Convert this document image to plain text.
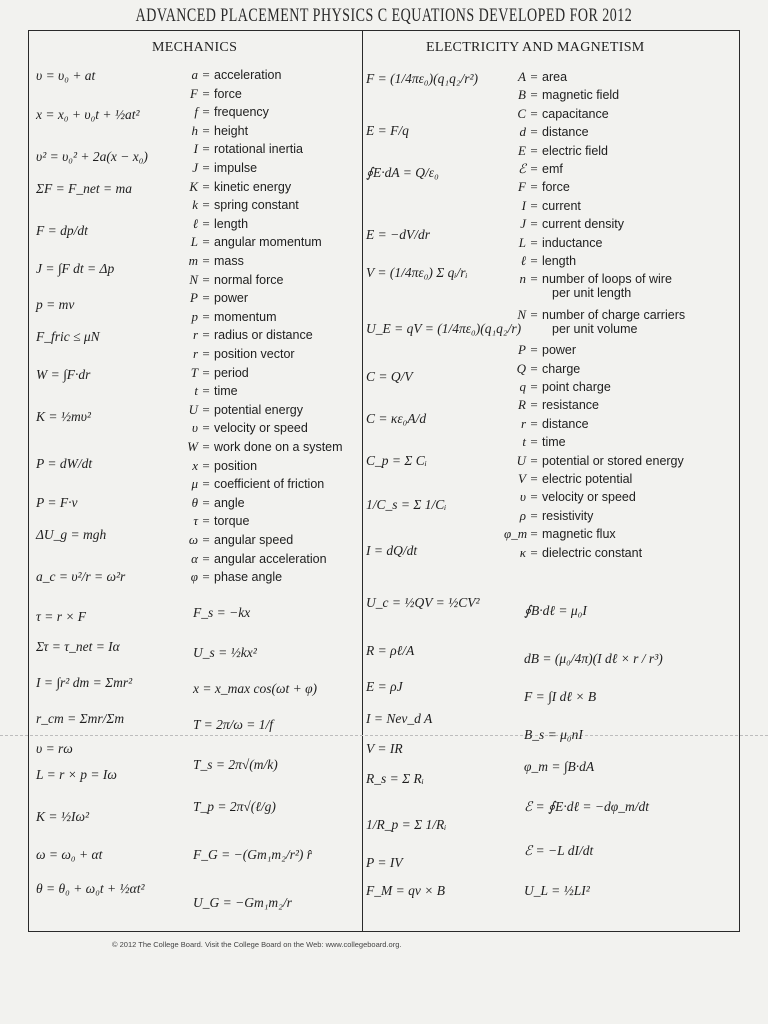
ADVANCED PLACEMENT PHYSICS C EQUATIONS DEVELOPED FOR 2012
MECHANICS	ELECTRICITY AND MAGNETISM
υ = υ₀ + at
x = x₀ + υ₀t + ½at²
υ² = υ₀² + 2a(x − x₀)
ΣF = F_net = ma
F = dp/dt
J = ∫F dt = Δp
p = mv
F_fric ≤ μN
W = ∫F·dr
K = ½mυ²
P = dW/dt
P = F·v
ΔU_g = mgh
a_c = υ²/r = ω²r
τ = r × F
Στ = τ_net = Iα
I = ∫r² dm = Σmr²
r_cm = Σmr/Σm
υ = rω
L = r × p = Iω
K = ½Iω²
ω = ω₀ + αt
θ = θ₀ + ω₀t + ½αt²
a = acceleration
F = force
f = frequency
h = height
I = rotational inertia
J = impulse
K = kinetic energy
k = spring constant
ℓ = length
L = angular momentum
m = mass
N = normal force
P = power
p = momentum
r = radius or distance
r = position vector
T = period
t = time
U = potential energy
υ = velocity or speed
W = work done on a system
x = position
μ = coefficient of friction
θ = angle
τ = torque
ω = angular speed
α = angular acceleration
φ = phase angle
F_s = −kx
U_s = ½kx²
x = x_max cos(ωt + φ)
T = 2π/ω = 1/f
T_s = 2π√(m/k)
T_p = 2π√(ℓ/g)
F_G = −(Gm₁m₂/r²) r̂
U_G = −Gm₁m₂/r
F = (1/4πε₀)(q₁q₂/r²)
E = F/q
∮E·dA = Q/ε₀
E = −dV/dr
V = (1/4πε₀) Σ qᵢ/rᵢ
U_E = qV = (1/4πε₀)(q₁q₂/r)
C = Q/V
C = κε₀A/d
C_p = Σ Cᵢ
1/C_s = Σ 1/Cᵢ
I = dQ/dt
U_c = ½QV = ½CV²
R = ρℓ/A
E = ρJ
I = Nev_d A
V = IR
R_s = Σ Rᵢ
1/R_p = Σ 1/Rᵢ
P = IV
F_M = qv × B
A = area
B = magnetic field
C = capacitance
d = distance
E = electric field
ℰ = emf
F = force
I = current
J = current density
L = inductance
ℓ = length
n = number of loops of wire
per unit length
N = number of charge carriers
per unit volume
P = power
Q = charge
q = point charge
R = resistance
r = distance
t = time
U = potential or stored energy
V = electric potential
υ = velocity or speed
ρ = resistivity
φ_m = magnetic flux
κ = dielectric constant
∮B·dℓ = μ₀I
dB = (μ₀/4π)(I dℓ × r / r³)
F = ∫I dℓ × B
B_s = μ₀nI
φ_m = ∫B·dA
ℰ = ∮E·dℓ = −dφ_m/dt
ℰ = −L dI/dt
U_L = ½LI²
© 2012 The College Board. Visit the College Board on the Web: www.collegeboard.org.
